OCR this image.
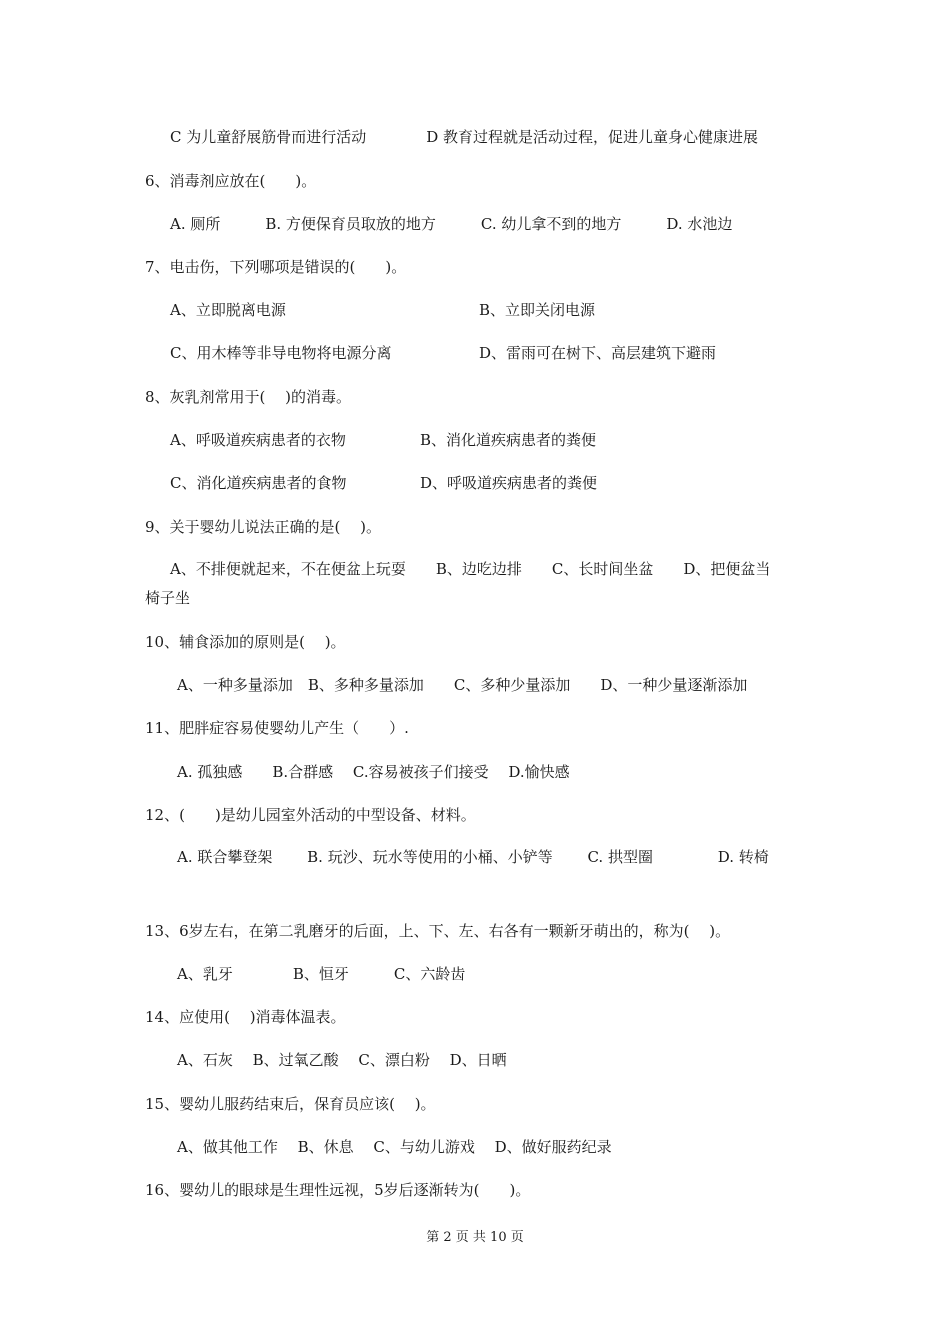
C 为儿童舒展筋骨而进行活动　　　　D 教育过程就是活动过程，促进儿童身心健康进展
6、消毒剂应放在(　　)。
A. 厕所　　　B. 方便保育员取放的地方　　　C. 幼儿拿不到的地方　　　D. 水池边
7、电击伤，下列哪项是错误的(　　)。
A、立即脱离电源	B、立即关闭电源
C、用木棒等非导电物将电源分离	D、雷雨可在树下、高层建筑下避雨
8、灰乳剂常用于(　 )的消毒。
A、呼吸道疾病患者的衣物	B、消化道疾病患者的粪便
C、消化道疾病患者的食物	D、呼吸道疾病患者的粪便
9、关于婴幼儿说法正确的是(　 )。
A、不排便就起来，不在便盆上玩耍　　B、边吃边排　　C、长时间坐盆　　D、把便盆当椅子坐
10、辅食添加的原则是(　 )。
A、一种多量添加　B、多种多量添加　　C、多种少量添加　　D、一种少量逐渐添加
11、肥胖症容易使婴幼儿产生（　　）.
A. 孤独感　　B.合群感　 C.容易被孩子们接受　 D.愉快感
12、(　　)是幼儿园室外活动的中型设备、材料。
A. 联合攀登架　　 B. 玩沙、玩水等使用的小桶、小铲等　　 C. 拱型圈　　　　 D. 转椅
13、6岁左右，在第二乳磨牙的后面，上、下、左、右各有一颗新牙萌出的，称为(　 )。
A、乳牙　　　　B、恒牙　　　C、六龄齿
14、应使用(　 )消毒体温表。
A、石灰　 B、过氧乙酸　 C、漂白粉　 D、日晒
15、婴幼儿服药结束后，保育员应该(　 )。
A、做其他工作　 B、休息　 C、与幼儿游戏　 D、做好服药纪录
16、婴幼儿的眼球是生理性远视，5岁后逐渐转为(　　)。
第 2 页 共 10 页
